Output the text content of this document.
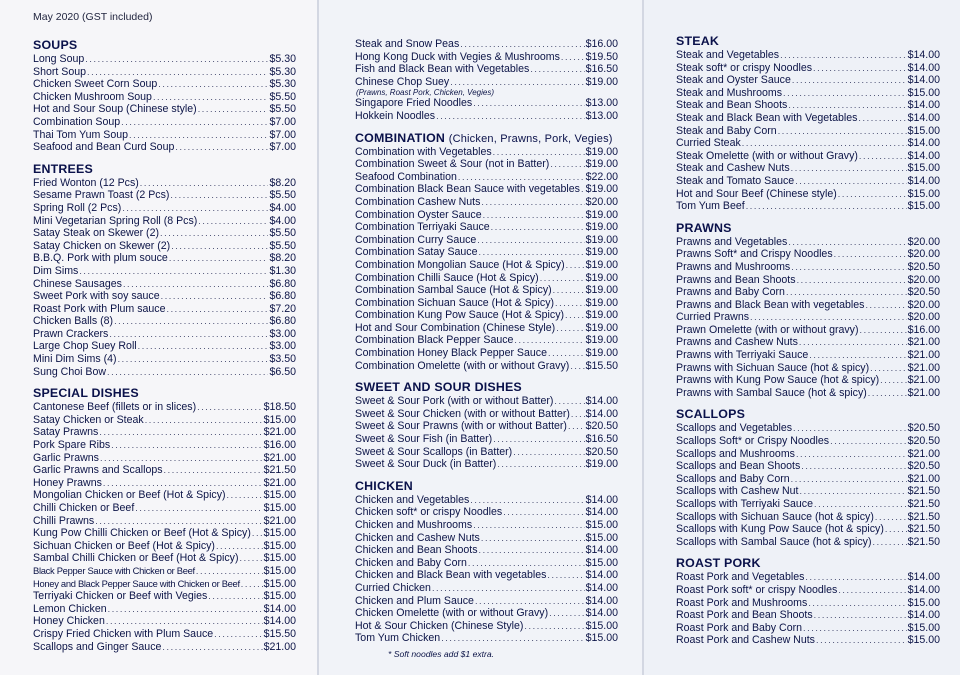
May 2020 (GST included)
SOUPS
Long Soup .....	$5.30
Short Soup .....	$5.30
Chicken Sweet Corn Soup .....	$5.30
Chicken Mushroom Soup .....	$5.50
Hot and Sour Soup (Chinese style) .....	$5.50
Combination Soup .....	$7.00
Thai Tom Yum Soup .....	$7.00
Seafood and Bean Curd Soup .....	$7.00
ENTREES
Fried Wonton (12 Pcs) .....	$8.20
Sesame Prawn Toast (2 Pcs) .....	$5.50
Spring Roll (2 Pcs) .....	$4.00
Mini Vegetarian Spring Roll (8 Pcs) .....	$4.00
Satay Steak on Skewer (2) .....	$5.50
Satay Chicken on Skewer (2) .....	$5.50
B.B.Q. Pork with plum souce .....	$8.20
Dim Sims .....	$1.30
Chinese Sausages .....	$6.80
Sweet Pork with soy sauce .....	$6.80
Roast Pork with Plum sauce .....	$7.20
Chicken Balls (8) .....	$6.80
Prawn Crackers .....	$3.00
Large Chop Suey Roll .....	$3.00
Mini Dim Sims (4) .....	$3.50
Sung Choi Bow .....	$6.50
SPECIAL DISHES
Cantonese Beef (fillets or in slices) .....	$18.50
Satay Chicken or Steak .....	$15.00
Satay Prawns .....	$21.00
Pork Spare Ribs .....	$16.00
Garlic Prawns .....	$21.00
Garlic Prawns and Scallops .....	$21.50
Honey Prawns .....	$21.00
Mongolian Chicken or Beef (Hot & Spicy) .....	$15.00
Chilli Chicken or Beef .....	$15.00
Chilli Prawns .....	$21.00
Kung Pow Chilli Chicken or Beef (Hot & Spicy) ..... $15.00
Sichuan Chicken or Beef (Hot & Spicy) .....	$15.00
Sambal Chilli Chicken or Beef (Hot & Spicy) ..... $15.00
Black Pepper Sauce with Chicken or Beef .....	$15.00
Honey and Black Pepper Sauce with Chicken or Beef ..... $15.00
Terriyaki Chicken or Beef with Vegies .....	$15.00
Lemon Chicken .....	$14.00
Honey Chicken .....	$14.00
Crispy Fried Chicken with Plum Sauce .....	$15.50
Scallops and Ginger Sauce .....	$21.00
Steak and Snow Peas .....	$16.00
Hong Kong Duck with Vegies & Mushrooms ..... $19.50
Fish and Black Bean with Vegetables .....	$16.50
Chinese Chop Suey .....	$19.00
(Prawns, Roast Pork, Chicken, Vegies)
Singapore Fried Noodles .....	$13.00
Hokkein Noodles .....	$13.00
COMBINATION (Chicken, Prawns, Pork, Vegies)
Combination with Vegetables .....	$19.00
Combination Sweet & Sour (not in Batter) .....	$19.00
Seafood Combination .....	$22.00
Combination Black Bean Sauce with vegetables ..... $19.00
Combination Cashew Nuts .....	$20.00
Combination Oyster Sauce .....	$19.00
Combination Terriyaki Sauce .....	$19.00
Combination Curry Sauce .....	$19.00
Combination Satay Sauce .....	$19.00
Combination Mongolian Sauce (Hot & Spicy) ..... $19.00
Combination Chilli Sauce (Hot & Spicy) .....	$19.00
Combination Sambal Sauce (Hot & Spicy) .....	$19.00
Combination Sichuan Sauce (Hot & Spicy) .....	$19.00
Combination Kung Pow Sauce (Hot & Spicy) ..... $19.00
Hot and Sour Combination (Chinese Style) .....	$19.00
Combination Black Pepper Sauce .....	$19.00
Combination Honey Black Pepper Sauce .....	$19.00
Combination Omelette (with or without Gravy) ..... $15.50
SWEET AND SOUR DISHES
Sweet & Sour Pork (with or without Batter) .....	$14.00
Sweet & Sour Chicken (with or without Batter) ..... $14.00
Sweet & Sour Prawns (with or without Batter) ..... $20.50
Sweet & Sour Fish (in Batter) .....	$16.50
Sweet & Sour Scallops (in Batter) .....	$20.50
Sweet & Sour Duck (in Batter) .....	$19.00
CHICKEN
Chicken and Vegetables .....	$14.00
Chicken soft* or crispy Noodles .....	$14.00
Chicken and Mushrooms .....	$15.00
Chicken and Cashew Nuts .....	$15.00
Chicken and Bean Shoots .....	$14.00
Chicken and Baby Corn .....	$15.00
Chicken and Black Bean with vegetables .....	$14.00
Curried Chicken .....	$14.00
Chicken and Plum Sauce .....	$14.00
Chicken Omelette (with or without Gravy) .....	$14.00
Hot & Sour Chicken (Chinese Style) .....	$15.00
Tom Yum Chicken .....	$15.00
* Soft noodles add $1 extra.
STEAK
Steak and Vegetables .....	$14.00
Steak soft* or crispy Noodles .....	$14.00
Steak and Oyster Sauce .....	$14.00
Steak and Mushrooms .....	$15.00
Steak and Bean Shoots .....	$14.00
Steak and Black Bean with Vegetables .....	$14.00
Steak and Baby Corn .....	$15.00
Curried Steak .....	$14.00
Steak Omelette (with or without Gravy) .....	$14.00
Steak and Cashew Nuts .....	$15.00
Steak and Tomato Sauce .....	$14.00
Hot and Sour Beef (Chinese style) .....	$15.00
Tom Yum Beef .....	$15.00
PRAWNS
Prawns and Vegetables .....	$20.00
Prawns Soft* and Crispy Noodles .....	$20.00
Prawns and Mushrooms .....	$20.50
Prawns and Bean Shoots .....	$20.00
Prawns and Baby Corn .....	$20.50
Prawns and Black Bean with vegetables .....	$20.00
Curried Prawns .....	$20.00
Prawn Omelette (with or without gravy) .....	$16.00
Prawns and Cashew Nuts .....	$21.00
Prawns with Terriyaki Sauce .....	$21.00
Prawns with Sichuan Sauce (hot & spicy) .....	$21.00
Prawns with Kung Pow Sauce (hot & spicy) .....	$21.00
Prawns with Sambal Sauce (hot & spicy) .....	$21.00
SCALLOPS
Scallops and Vegetables .....	$20.50
Scallops Soft* or Crispy Noodles .....	$20.50
Scallops and Mushrooms .....	$21.00
Scallops and Bean Shoots .....	$20.50
Scallops and Baby Corn .....	$21.00
Scallops with Cashew Nut .....	$21.50
Scallops with Terriyaki Sauce .....	$21.50
Scallops with Sichuan Sauce (hot & spicy) .....	$21.50
Scallops with Kung Pow Sauce (hot & spicy) ..... $21.50
Scallops with Sambal Sauce (hot & spicy) .....	$21.50
ROAST PORK
Roast Pork and Vegetables .....	$14.00
Roast Pork soft* or crispy Noodles .....	$14.00
Roast Pork and Mushrooms .....	$15.00
Roast Pork and Bean Shoots .....	$14.00
Roast Pork and Baby Corn .....	$15.00
Roast Pork and Cashew Nuts .....	$15.00
